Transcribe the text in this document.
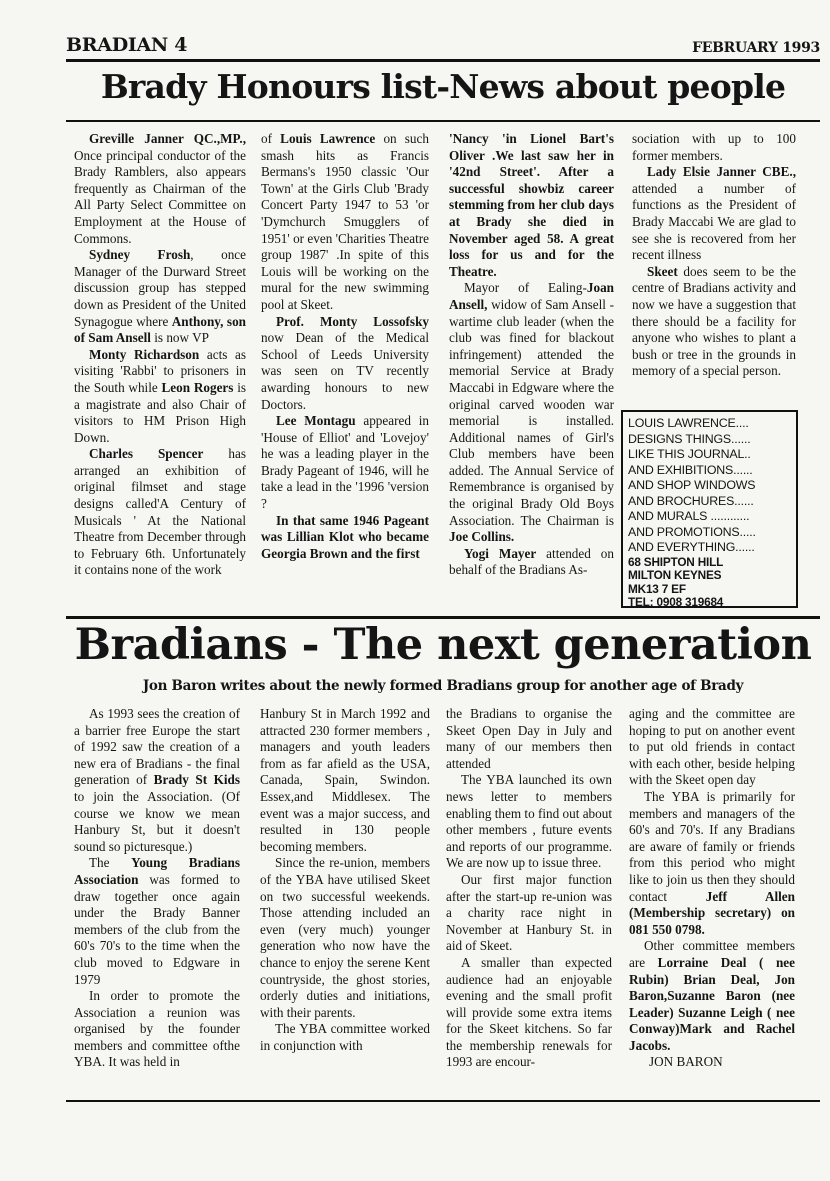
BRADIAN 4	FEBRUARY 1993
Brady Honours list-News about people

Greville Janner QC.,MP., Once principal conductor of the Brady Ramblers, also appears frequently as Chairman of the All Party Select Committee on Employment at the House of Commons.

Sydney Frosh, once Manager of the Durward Street discussion group has stepped down as President of the United Synagogue where Anthony, son of Sam Ansell is now VP

Monty Richardson acts as visiting 'Rabbi' to prisoners in the South while Leon Rogers is a magistrate and also Chair of visitors to HM Prison High Down.

Charles Spencer has arranged an exhibition of original filmset and stage designs called'A Century of Musicals ' At the National Theatre from December through to February 6th. Unfortunately it contains none of the work

of Louis Lawrence on such smash hits as Francis Bermans's 1950 classic 'Our Town' at the Girls Club 'Brady Concert Party 1947 to 53 'or 'Dymchurch Smugglers of 1951' or even 'Charities Theatre group 1987' .In spite of this Louis will be working on the mural for the new swimming pool at Skeet.

Prof. Monty Lossofsky now Dean of the Medical School of Leeds University was seen on TV recently awarding honours to new Doctors.

Lee Montagu appeared in 'House of Elliot' and 'Lovejoy' he was a leading player in the Brady Pageant of 1946, will he take a lead in the '1996 'version ?

In that same 1946 Pageant was Lillian Klot who became Georgia Brown and the first

'Nancy 'in Lionel Bart's Oliver .We last saw her in '42nd Street'. After a successful showbiz career stemming from her club days at Brady she died in November aged 58. A great loss for us and for the Theatre.

Mayor of Ealing-Joan Ansell, widow of Sam Ansell -wartime club leader (when the club was fined for blackout infringement) attended the memorial Service at Brady Maccabi in Edgware where the original carved wooden war memorial is installed. Additional names of Girl's Club members have been added. The Annual Service of Remembrance is organised by the original Brady Old Boys Association. The Chairman is Joe Collins.

Yogi Mayer attended on behalf of the Bradians As-

sociation with up to 100 former members.

Lady Elsie Janner CBE., attended a number of functions as the President of Brady Maccabi We are glad to see she is recovered from her recent illness

Skeet does seem to be the centre of Bradians activity and now we have a suggestion that there should be a facility for anyone who wishes to plant a bush or tree in the grounds in memory of a special person.

LOUIS LAWRENCE....
DESIGNS THINGS......
LIKE THIS JOURNAL..
AND EXHIBITIONS......
AND SHOP WINDOWS
AND BROCHURES......
AND MURALS ............
AND PROMOTIONS.....
AND EVERYTHING......
68 SHIPTON HILL
MILTON KEYNES
MK13 7 EF
TEL; 0908 319684
Bradians - The next generation
Jon Baron writes about the newly formed Bradians group for another age of Brady

As 1993 sees the creation of a barrier free Europe the start of 1992 saw the creation of a new era of Bradians - the final generation of Brady St Kids to join the Association. (Of course we know we mean Hanbury St, but it doesn't sound so picturesque.)

The Young Bradians Association was formed to draw together once again under the Brady Banner members of the club from the 60's 70's to the time when the club moved to Edgware in 1979

In order to promote the Association a reunion was organised by the founder members and committee ofthe YBA. It was held in

Hanbury St in March 1992 and attracted 230 former members , managers and youth leaders from as far afield as the USA, Canada, Spain, Swindon. Essex,and Middlesex. The event was a major success, and resulted in 130 people becoming members.

Since the re-union, members of the YBA have utilised Skeet on two successful weekends. Those attending included an even (very much) younger generation who now have the chance to enjoy the serene Kent countryside, the ghost stories, orderly duties and initiations, with their parents.

The YBA committee worked in conjunction with

the Bradians to organise the Skeet Open Day in July and many of our members then attended

The YBA launched its own news letter to members enabling them to find out about other members , future events and reports of our programme. We are now up to issue three.

Our first major function after the start-up re-union was a charity race night in November at Hanbury St. in aid of Skeet.

A smaller than expected audience had an enjoyable evening and the small profit will provide some extra items for the Skeet kitchens. So far the membership renewals for 1993 are encour-

aging and the committee are hoping to put on another event to put old friends in contact with each other, beside helping with the Skeet open day

The YBA is primarily for members and managers of the 60's and 70's. If any Bradians are aware of family or friends from this period who might like to join us then they should contact Jeff Allen (Membership secretary) on 081 550 0798.

Other committee members are Lorraine Deal ( nee Rubin) Brian Deal, Jon Baron,Suzanne Baron (nee Leader) Suzanne Leigh ( nee Conway)Mark and Rachel Jacobs.

JON BARON
